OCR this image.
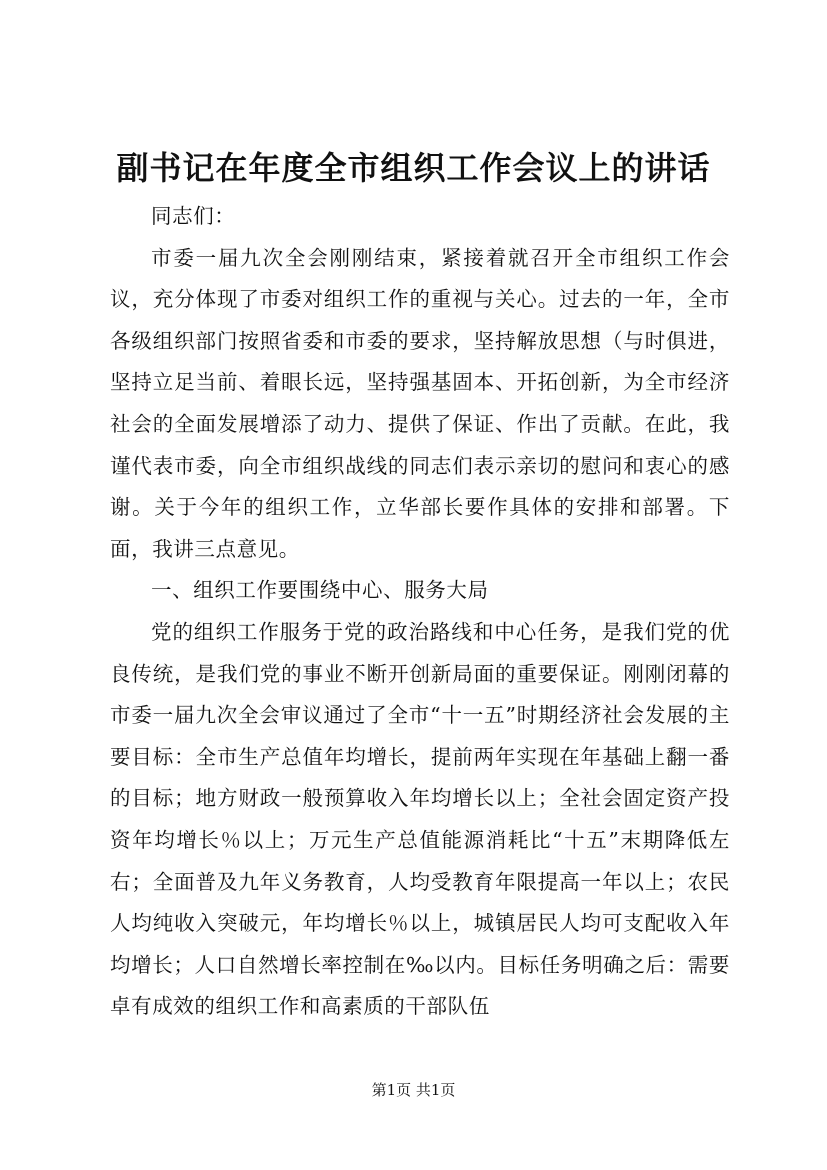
副书记在年度全市组织工作会议上的讲话

同志们：

市委一届九次全会刚刚结束，紧接着就召开全市组织工作会议，充分体现了市委对组织工作的重视与关心。过去的一年，全市各级组织部门按照省委和市委的要求，坚持解放思想（与时俱进，坚持立足当前、着眼长远，坚持强基固本、开拓创新，为全市经济社会的全面发展增添了动力、提供了保证、作出了贡献。在此，我谨代表市委，向全市组织战线的同志们表示亲切的慰问和衷心的感谢。关于今年的组织工作，立华部长要作具体的安排和部署。下面，我讲三点意见。

一、组织工作要围绕中心、服务大局

党的组织工作服务于党的政治路线和中心任务，是我们党的优良传统，是我们党的事业不断开创新局面的重要保证。刚刚闭幕的市委一届九次全会审议通过了全市“十一五”时期经济社会发展的主要目标：全市生产总值年均增长，提前两年实现在年基础上翻一番的目标；地方财政一般预算收入年均增长以上；全社会固定资产投资年均增长％以上；万元生产总值能源消耗比“十五”末期降低左右；全面普及九年义务教育，人均受教育年限提高一年以上；农民人均纯收入突破元，年均增长％以上，城镇居民人均可支配收入年均增长；人口自然增长率控制在‰以内。目标任务明确之后：需要卓有成效的组织工作和高素质的干部队伍

第1页 共1页
